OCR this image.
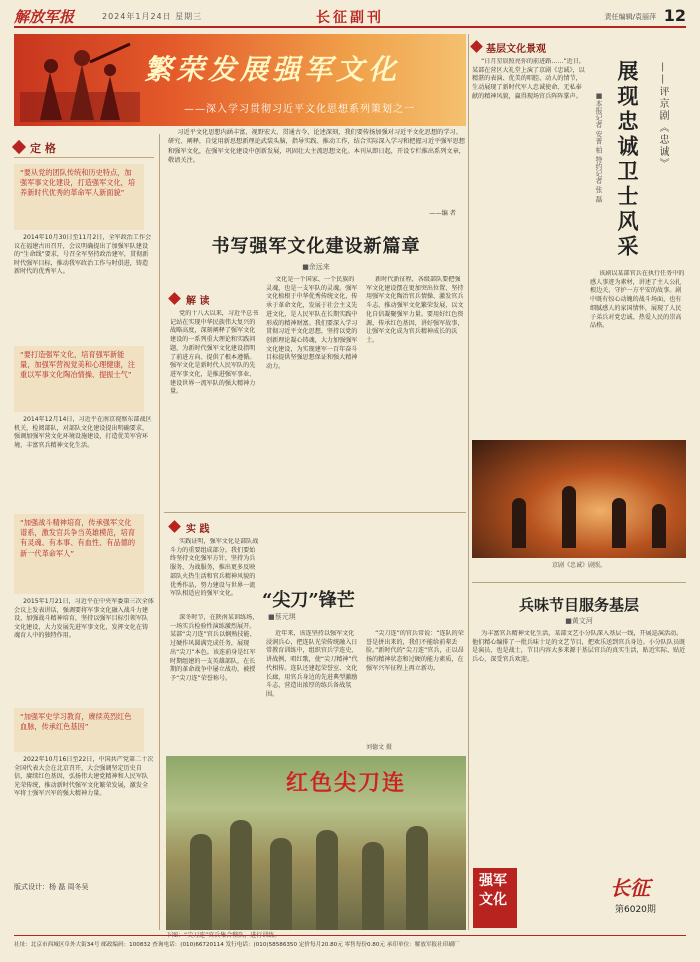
解放军报	2024年1月24日 星期三	长征副刊	责任编辑/袁丽萍 12
繁荣发展强军文化
——深入学习贯彻习近平文化思想系列策划之一

习近平文化思想内涵丰富、视野宏大、贯通古今、论述深刻，我们要传扬加强对习近平文化思想的学习、研究、阐释，自觉用新思想新理论武装头脑，指导实践、推动工作，结合实际深入学习和把握习近平强军思想和强军文化，在强军文化建设中创新发展，巩固壮大主流思想文化。本刊从即日起，开设专栏推出系列文章，敬请关注。

——编 者
定 格
“要从党的团队传统和历史特点，加强军事文化建设，打造强军文化，培养新时代优秀的革命军人新面貌”
2014年10月30日至11月2日，全军政治工作会议在福建古田召开，会议明确提出了加强军队建设的“生命线”要求，号召全军坚持政治建军，贯彻新时代强军目标，推动我军政治工作与时俱进，铸造新时代的优秀军人。
“要打造强军文化，培育强军新能量，加强军营视觉美和心理健康，注重以军事文化陶冶情操、提振士气”
2014年12月14日，习近平在南京视察东部战区机关，检阅部队，对部队文化建设提出明确要求，强调加强军营文化环境设施建设，打造优美军营环境，丰富官兵精神文化生活。
“加强战斗精神培育，传承强军文化谱系，激发官兵争当英雄模范，培育有灵魂、有本事、有血性、有品德的新一代革命军人”
2015年1月21日，习近平在中央军委第三次全体会议上发表讲话，强调要将军事文化融入战斗力建设，加强战斗精神培育，坚持以强军目标引领军队文化建设，大力发展先进军事文化，发挥文化在铸魂育人中的独特作用。
“加强军史学习教育，赓续英烈红色血脉，传承红色基因”
2022年10月16日至22日，中国共产党第二十次全国代表大会在北京召开，大会强调坚定历史自信，赓续红色基因，弘扬伟大建党精神和人民军队光荣传统，推动新时代强军文化繁荣发展，激发全军将士强军兴军的强大精神力量。
版式设计：杨 磊 周冬吴
书写强军文化建设新篇章
■余远来
解 读
党的十八大以来，习近平总书记站在实现中华民族伟大复兴的战略高度，深刻阐释了强军文化建设的一系列重大理论和实践问题，为新时代强军文化建设指明了前进方向、提供了根本遵循。强军文化是新时代人民军队的先进军事文化，是推进强军事业、建设世界一流军队的强大精神力量。
文化是一个国家、一个民族的灵魂，也是一支军队的灵魂。强军文化植根于中华优秀传统文化，传承于革命文化，发展于社会主义先进文化，是人民军队在长期实践中形成的精神财富。我们要深入学习贯彻习近平文化思想，坚持以党的创新理论凝心铸魂，大力加强强军文化建设，为实现建军一百年奋斗目标提供坚强思想保证和强大精神动力。
新时代新征程，各级部队要把强军文化建设摆在更加突出位置，坚持用强军文化陶冶官兵情操、激发官兵斗志，推动强军文化繁荣发展，以文化自信凝聚强军力量。要用好红色资源，传承红色基因，讲好强军故事，让强军文化成为官兵精神成长的沃土。
实 践
实践证明，强军文化是部队战斗力的重要组成部分。我们要始终坚持文化强军方针，坚持为兵服务、为战服务，推出更多反映部队火热生活和官兵精神风貌的优秀作品，努力建设与世界一流军队相适应的强军文化。	“尖刀”锋芒
■蔡元琪
深冬时节，在陕南某训练场，一场实兵检验性演练激烈展开。某部“尖刀连”官兵以娴熟技能、过硬作风圆满完成任务，展现出“尖刀”本色。该连前身是红军时期组建的一支英雄部队，在长期的革命战争中屡立战功，被授予“尖刀连”荣誉称号。
近年来，该连坚持以强军文化浸润兵心，把连队光荣传统融入日常教育训练中，组织官兵学连史、讲战例、唱红歌，使“尖刀精神”代代相传。连队还建起荣誉室、文化长廊，用官兵身边的先进典型激励斗志，营造出浓厚的练兵备战氛围。
“尖刀连”的官兵常说：“连队的荣誉是拼出来的，我们不能给前辈丢脸。”新时代的“尖刀连”官兵，正以昂扬的精神状态和过硬的能力素质，在强军兴军征程上再立新功。
刘德文 摄
红色尖刀连
下图：“尖刀连”官兵集合整队，进行训练。
基层文化景观
展现忠诚卫士风采	——评京剧《忠诚》
■本报记者 安普 柏 特约记者 张 磊
“日月星辰照亮你的前进路……”近日，某部在营区大礼堂上演了京剧《忠诚》，以精湛的表演、优美的唱腔、动人的情节，生动展现了新时代军人忠诚使命、无私奉献的精神风貌，赢得现场官兵阵阵掌声。
该剧以某部官兵在执行任务中的感人事迹为素材，讲述了主人公扎根边关、守护一方平安的故事。剧中既有惊心动魄的战斗场面，也有细腻感人的家国情怀，展现了人民子弟兵对党忠诚、热爱人民的崇高品格。
京剧《忠诚》剧照。
兵味节目服务基层
■黄文河
为丰富官兵精神文化生活，某部文艺小分队深入基层一线，开展巡演活动。他们精心编排了一批兵味十足的文艺节目，把欢乐送到官兵身边。小分队队员既是演员，也是战士，节目内容大多来源于基层官兵的真实生活，贴近实际、贴近兵心，深受官兵欢迎。
强军
文化	长征
第6020期
社址：北京市西城区阜外大街34号 邮政编码：100832 查询电话：(010)66720114 发行电话：(010)58586350 定价每月20.80元 零售每份0.80元 承印单位：解放军报社印刷厂
